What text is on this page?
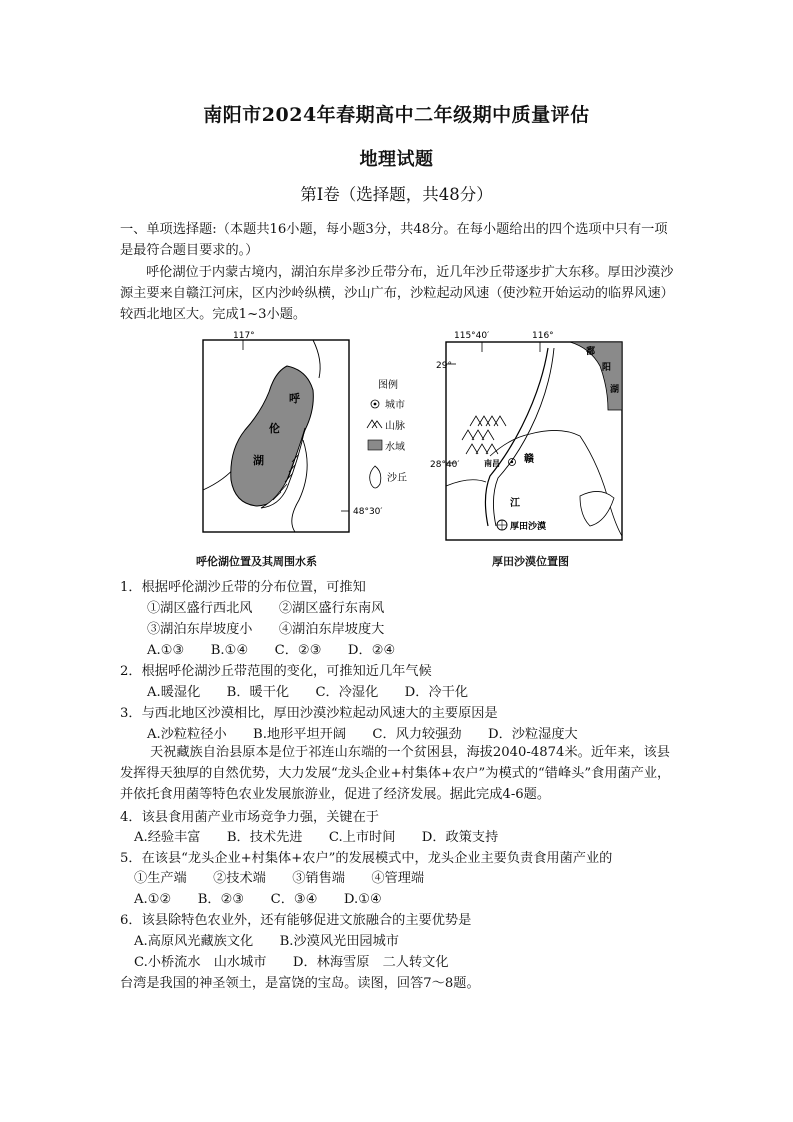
南阳市2024年春期高中二年级期中质量评估
地理试题
第I卷（选择题，共48分）

一、单项选择题:（本题共16小题，每小题3分，共48分。在每小题给出的四个选项中只有一项是最符合题目要求的。）

呼伦湖位于内蒙古境内，湖泊东岸多沙丘带分布，近几年沙丘带逐步扩大东移。厚田沙漠沙源主要来自赣江河床，区内沙岭纵横，沙山广布，沙粒起动风速（使沙粒开始运动的临界风速）较西北地区大。完成1~3小题。

117°
48°30′
呼
伦
湖
图例
城市
山脉
水域
沙丘
呼伦湖位置及其周围水系
115°40′	116°
29°
28°40′
鄱
阳
湖
南昌 赣
江
厚田沙漠
厚田沙漠位置图
1．根据呼伦湖沙丘带的分布位置，可推知
①湖区盛行西北风　　②湖区盛行东南风
③湖泊东岸坡度小　　④湖泊东岸坡度大
A.①③　　B.①④　　C．②③　　D．②④
2．根据呼伦湖沙丘带范围的变化，可推知近几年气候
A.暖湿化　　B．暖干化　　C．冷湿化　　D．冷干化
3．与西北地区沙漠相比，厚田沙漠沙粒起动风速大的主要原因是
A.沙粒粒径小　　B.地形平坦开阔　　C．风力较强劲　　D．沙粒湿度大

天祝藏族自治县原本是位于祁连山东端的一个贫困县，海拔2040-4874米。近年来，该县发挥得天独厚的自然优势，大力发展“龙头企业+村集体+农户”为模式的“错峰头”食用菌产业，并依托食用菌等特色农业发展旅游业，促进了经济发展。据此完成4-6题。

4．该县食用菌产业市场竞争力强，关键在于
A.经验丰富　　B．技术先进　　C.上市时间　　D．政策支持
5．在该县“龙头企业+村集体+农户”的发展模式中，龙头企业主要负责食用菌产业的
①生产端　　②技术端　　③销售端　　④管理端
A.①②　　B．②③　　C．③④　　D.①④
6．该县除特色农业外，还有能够促进文旅融合的主要优势是
A.高原风光藏族文化　　B.沙漠风光田园城市
C.小桥流水　山水城市　　D．林海雪原　二人转文化
台湾是我国的神圣领土，是富饶的宝岛。读图，回答7～8题。
